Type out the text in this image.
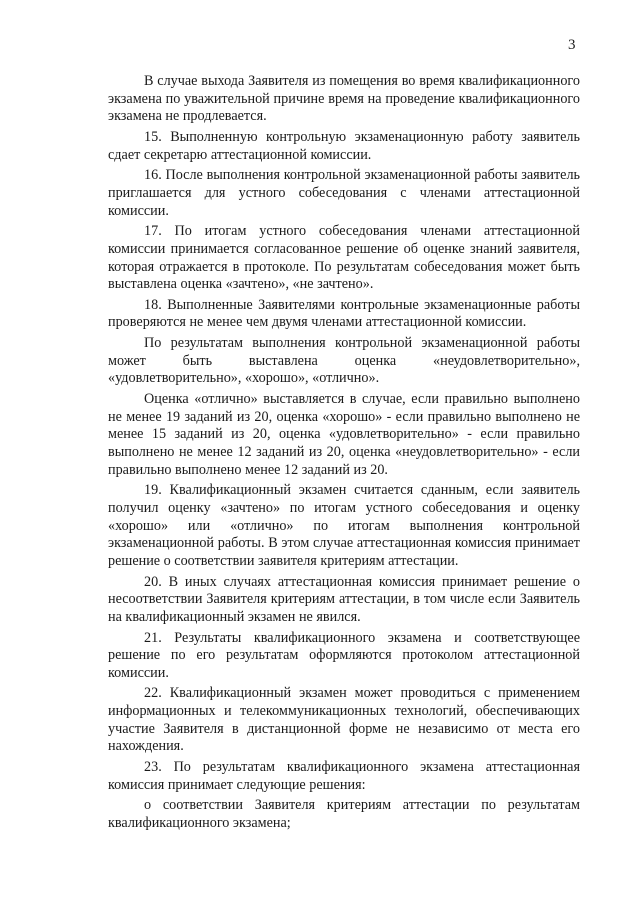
3

В случае выхода Заявителя из помещения во время квалификационного экзамена по уважительной причине время на проведение квалификационного экзамена не продлевается.

15. Выполненную контрольную экзаменационную работу заявитель сдает секретарю аттестационной комиссии.

16. После выполнения контрольной экзаменационной работы заявитель приглашается для устного собеседования с членами аттестационной комиссии.

17. По итогам устного собеседования членами аттестационной комиссии принимается согласованное решение об оценке знаний заявителя, которая отражается в протоколе. По результатам собеседования может быть выставлена оценка «зачтено», «не зачтено».

18. Выполненные Заявителями контрольные экзаменационные работы проверяются не менее чем двумя членами аттестационной комиссии.

По результатам выполнения контрольной экзаменационной работы может быть выставлена оценка «неудовлетворительно», «удовлетворительно», «хорошо», «отлично».

Оценка «отлично» выставляется в случае, если правильно выполнено не менее 19 заданий из 20, оценка «хорошо» - если правильно выполнено не менее 15 заданий из 20, оценка «удовлетворительно» - если правильно выполнено не менее 12 заданий из 20, оценка «неудовлетворительно» - если правильно выполнено менее 12 заданий из 20.

19. Квалификационный экзамен считается сданным, если заявитель получил оценку «зачтено» по итогам устного собеседования и оценку «хорошо» или «отлично» по итогам выполнения контрольной экзаменационной работы. В этом случае аттестационная комиссия принимает решение о соответствии заявителя критериям аттестации.

20. В иных случаях аттестационная комиссия принимает решение о несоответствии Заявителя критериям аттестации, в том числе если Заявитель на квалификационный экзамен не явился.

21. Результаты квалификационного экзамена и соответствующее решение по его результатам оформляются протоколом аттестационной комиссии.

22. Квалификационный экзамен может проводиться с применением информационных и телекоммуникационных технологий, обеспечивающих участие Заявителя в дистанционной форме не независимо от места его нахождения.

23. По результатам квалификационного экзамена аттестационная комиссия принимает следующие решения:

о соответствии Заявителя критериям аттестации по результатам квалификационного экзамена;
